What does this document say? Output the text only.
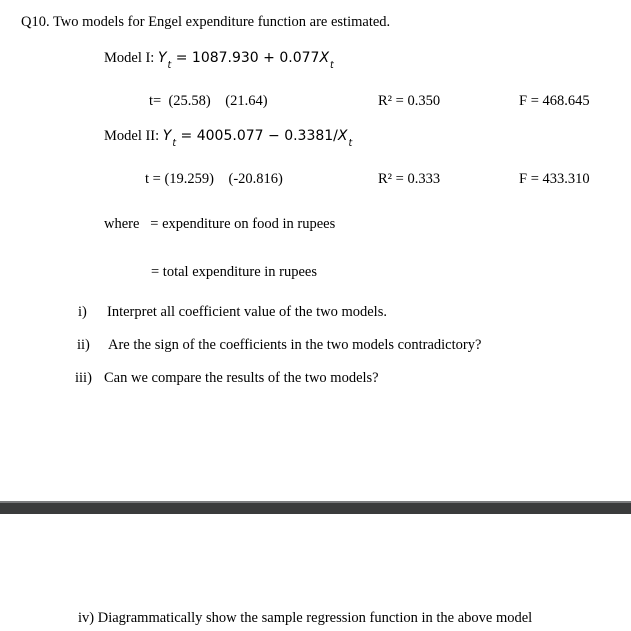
Q10. Two models for Engel expenditure function are estimated.
Model I: $Y_t = 1087.930 + 0.077X_t$
t=  (25.58)    (21.64)	R² = 0.350	F = 468.645
Model II: $Y_t = 4005.077 - 0.3381/X_t$
t = (19.259)    (-20.816)	R² = 0.333	F = 433.310
where   = expenditure on food in rupees
= total expenditure in rupees
i) Interpret all coefficient value of the two models.
ii) Are the sign of the coefficients in the two models contradictory?
iii) Can we compare the results of the two models?
iv) Diagrammatically show the sample regression function in the above model
